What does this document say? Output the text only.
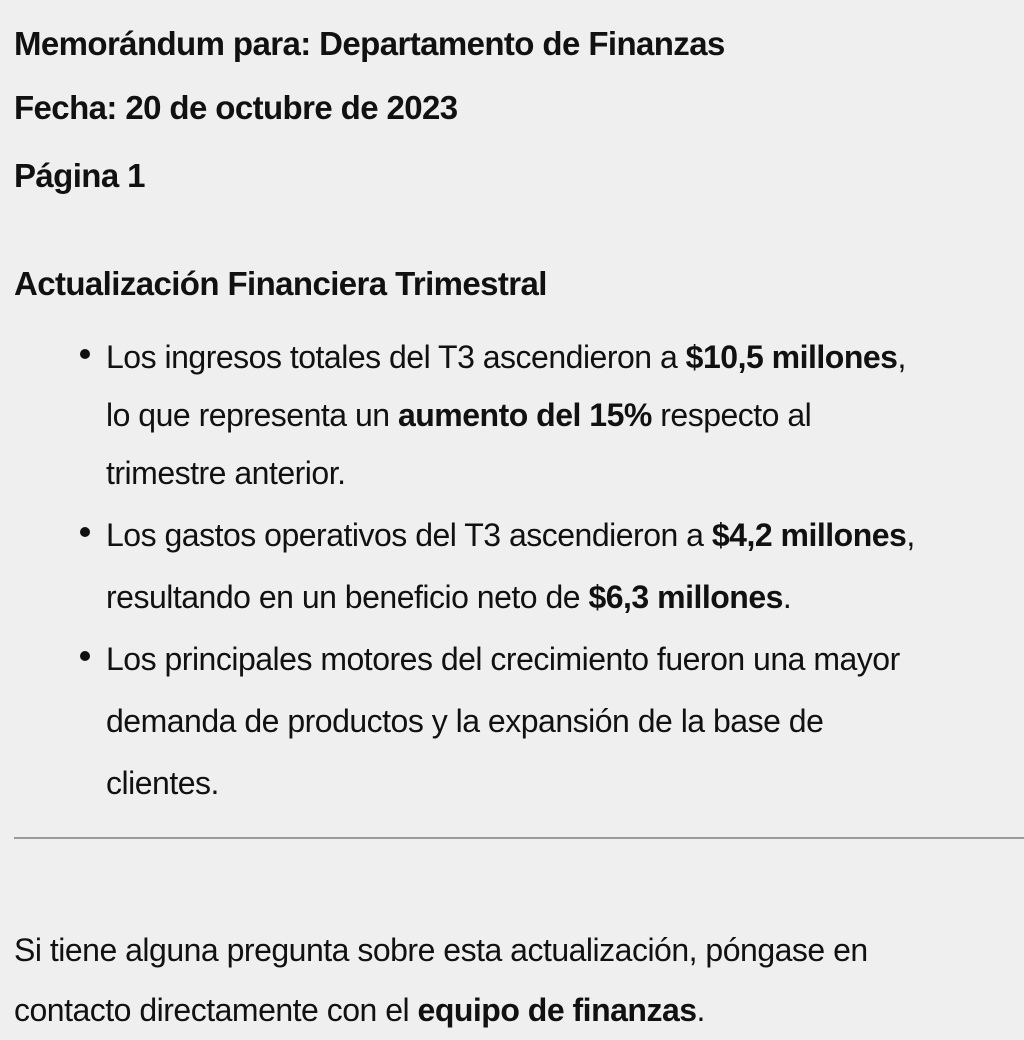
Memorándum para: Departamento de Finanzas

Fecha: 20 de octubre de 2023

Página 1

Actualización Financiera Trimestral
Los ingresos totales del T3 ascendieron a $10,5 millones,
lo que representa un aumento del 15% respecto al
trimestre anterior.
Los gastos operativos del T3 ascendieron a $4,2 millones,
resultando en un beneficio neto de $6,3 millones.
Los principales motores del crecimiento fueron una mayor
demanda de productos y la expansión de la base de
clientes.

Si tiene alguna pregunta sobre esta actualización, póngase en
contacto directamente con el equipo de finanzas.
